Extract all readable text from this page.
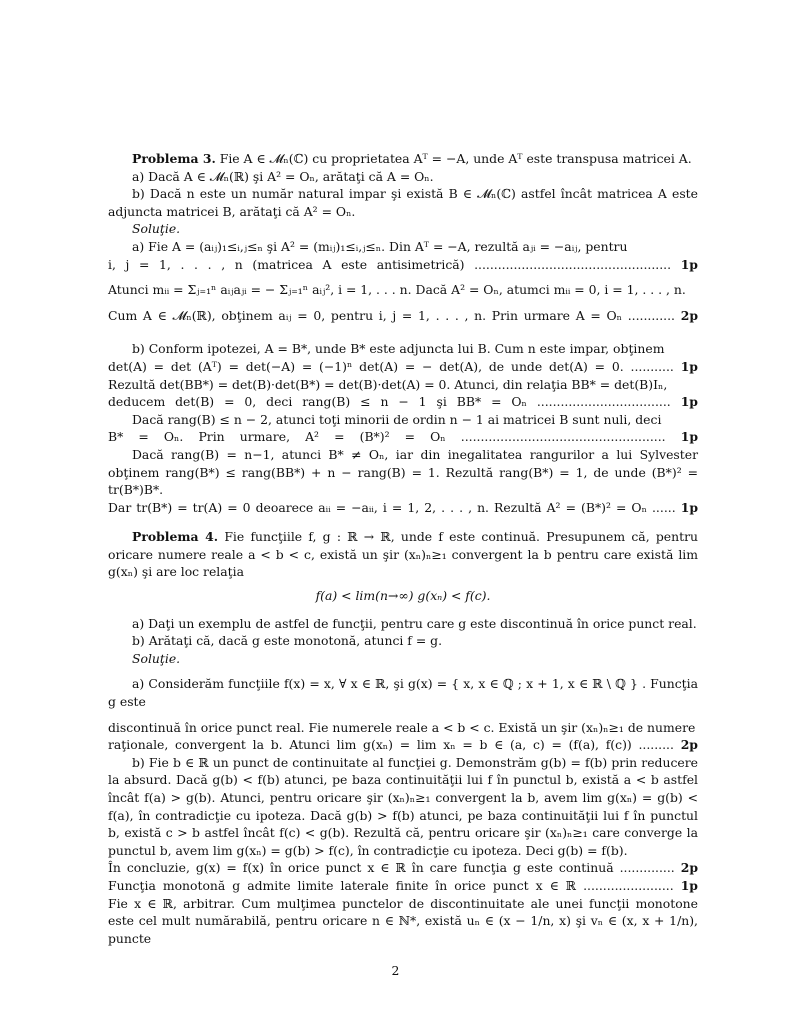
Problema 3. Fie A ∈ 𝓜ₙ(ℂ) cu proprietatea Aᵀ = −A, unde Aᵀ este transpusa matricei A.

a) Dacă A ∈ 𝓜ₙ(ℝ) şi A² = Oₙ, arătaţi că A = Oₙ.

b) Dacă n este un număr natural impar şi există B ∈ 𝓜ₙ(ℂ) astfel încât matricea A este adjuncta matricei B, arătaţi că A² = Oₙ.

Soluţie.

a) Fie A = (aᵢⱼ)₁≤ᵢ,ⱼ≤ₙ şi A² = (mᵢⱼ)₁≤ᵢ,ⱼ≤ₙ. Din Aᵀ = −A, rezultă aⱼᵢ = −aᵢⱼ, pentru

i, j = 1, . . . , n (matricea A este antisimetrică) .................................................. 1p

Atunci mᵢᵢ = Σⱼ₌₁ⁿ aᵢⱼaⱼᵢ = − Σⱼ₌₁ⁿ aᵢⱼ², i = 1, . . . n. Dacă A² = Oₙ, atumci mᵢᵢ = 0, i = 1, . . . , n.

Cum A ∈ 𝓜ₙ(ℝ), obţinem aᵢⱼ = 0, pentru i, j = 1, . . . , n. Prin urmare A = Oₙ ............ 2p

b) Conform ipotezei, A = B*, unde B* este adjuncta lui B. Cum n este impar, obţinem

det(A) = det (Aᵀ) = det(−A) = (−1)ⁿ det(A) = − det(A), de unde det(A) = 0. ........... 1p

Rezultă det(BB*) = det(B)·det(B*) = det(B)·det(A) = 0. Atunci, din relaţia BB* = det(B)Iₙ,

deducem det(B) = 0, deci rang(B) ≤ n − 1 şi BB* = Oₙ .................................. 1p

Dacă rang(B) ≤ n − 2, atunci toţi minorii de ordin n − 1 ai matricei B sunt nuli, deci

B* = Oₙ. Prin urmare, A² = (B*)² = Oₙ .................................................... 1p

Dacă rang(B) = n−1, atunci B* ≠ Oₙ, iar din inegalitatea rangurilor a lui Sylvester obţinem rang(B*) ≤ rang(BB*) + n − rang(B) = 1. Rezultă rang(B*) = 1, de unde (B*)² = tr(B*)B*.

Dar tr(B*) = tr(A) = 0 deoarece aᵢᵢ = −aᵢᵢ, i = 1, 2, . . . , n. Rezultă A² = (B*)² = Oₙ ...... 1p

Problema 4. Fie funcţiile f, g : ℝ → ℝ, unde f este continuă. Presupunem că, pentru oricare numere reale a < b < c, există un şir (xₙ)ₙ≥₁ convergent la b pentru care există lim g(xₙ) şi are loc relaţia

f(a) < lim(n→∞) g(xₙ) < f(c).

a) Daţi un exemplu de astfel de funcţii, pentru care g este discontinuă în orice punct real.

b) Arătaţi că, dacă g este monotonă, atunci f = g.

Soluţie.

a) Considerăm funcţiile f(x) = x, ∀ x ∈ ℝ, şi g(x) = { x, x ∈ ℚ ; x + 1, x ∈ ℝ \ ℚ } . Funcţia g este

discontinuă în orice punct real. Fie numerele reale a < b < c. Există un şir (xₙ)ₙ≥₁ de numere

raţionale, convergent la b. Atunci lim g(xₙ) = lim xₙ = b ∈ (a, c) = (f(a), f(c)) ......... 2p

b) Fie b ∈ ℝ un punct de continuitate al funcţiei g. Demonstrăm g(b) = f(b) prin reducere la absurd. Dacă g(b) < f(b) atunci, pe baza continuităţii lui f în punctul b, există a < b astfel încât f(a) > g(b). Atunci, pentru oricare şir (xₙ)ₙ≥₁ convergent la b, avem lim g(xₙ) = g(b) < f(a), în contradicţie cu ipoteza. Dacă g(b) > f(b) atunci, pe baza continuităţii lui f în punctul b, există c > b astfel încât f(c) < g(b). Rezultă că, pentru oricare şir (xₙ)ₙ≥₁ care converge la punctul b, avem lim g(xₙ) = g(b) > f(c), în contradicţie cu ipoteza. Deci g(b) = f(b).

În concluzie, g(x) = f(x) în orice punct x ∈ ℝ în care funcţia g este continuă .............. 2p

Funcţia monotonă g admite limite laterale finite în orice punct x ∈ ℝ ....................... 1p

Fie x ∈ ℝ, arbitrar. Cum mulţimea punctelor de discontinuitate ale unei funcţii monotone este cel mult numărabilă, pentru oricare n ∈ ℕ*, există uₙ ∈ (x − 1/n, x) şi vₙ ∈ (x, x + 1/n), puncte

2
